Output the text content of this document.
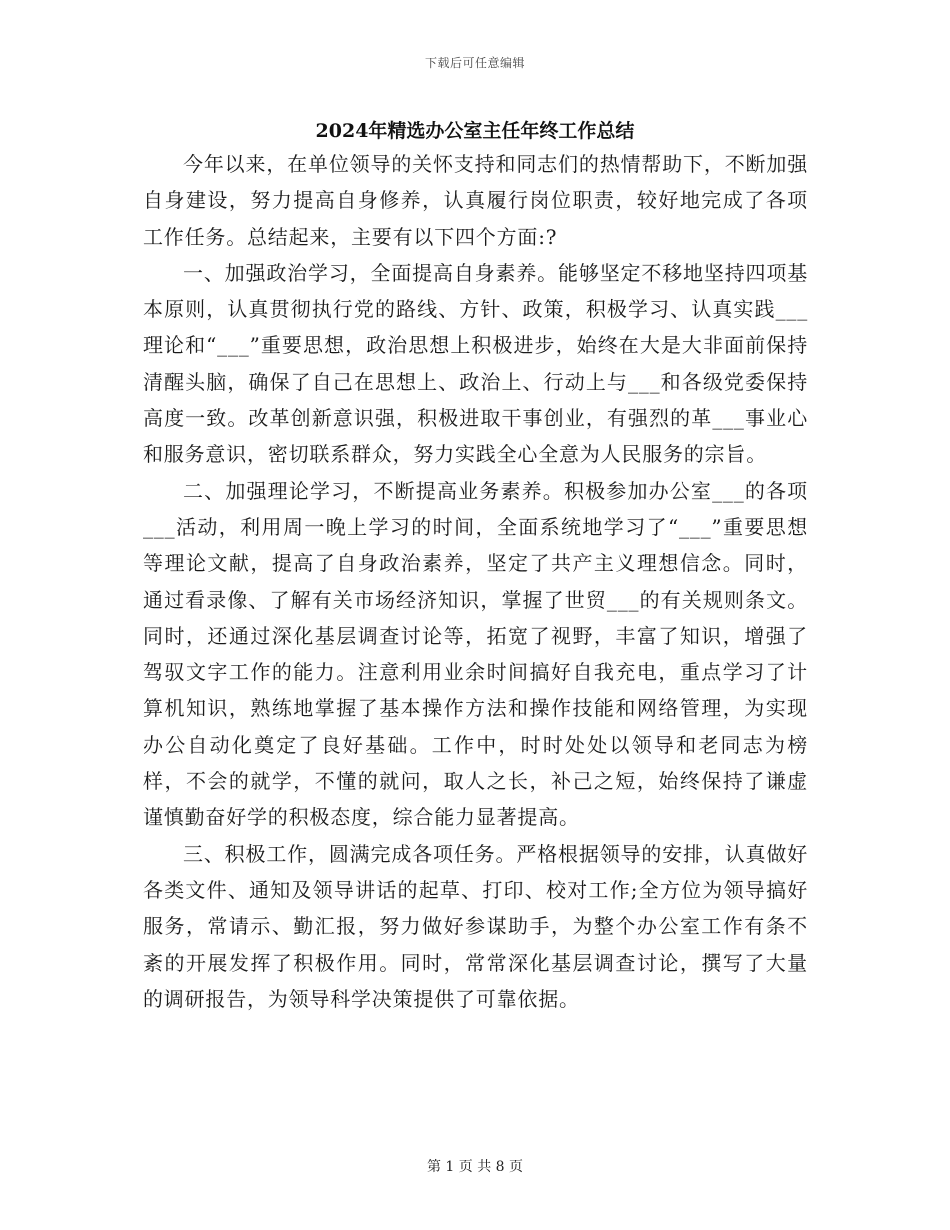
下载后可任意编辑
2024年精选办公室主任年终工作总结

今年以来，在单位领导的关怀支持和同志们的热情帮助下，不断加强自身建设，努力提高自身修养，认真履行岗位职责，较好地完成了各项工作任务。总结起来，主要有以下四个方面:?

一、加强政治学习，全面提高自身素养。能够坚定不移地坚持四项基本原则，认真贯彻执行党的路线、方针、政策，积极学习、认真实践___理论和“___”重要思想，政治思想上积极进步，始终在大是大非面前保持清醒头脑，确保了自己在思想上、政治上、行动上与___和各级党委保持高度一致。改革创新意识强，积极进取干事创业，有强烈的革___事业心和服务意识，密切联系群众，努力实践全心全意为人民服务的宗旨。

二、加强理论学习，不断提高业务素养。积极参加办公室___的各项___活动，利用周一晚上学习的时间，全面系统地学习了“___”重要思想等理论文献，提高了自身政治素养，坚定了共产主义理想信念。同时，通过看录像、了解有关市场经济知识，掌握了世贸___的有关规则条文。同时，还通过深化基层调查讨论等，拓宽了视野，丰富了知识，增强了驾驭文字工作的能力。注意利用业余时间搞好自我充电，重点学习了计算机知识，熟练地掌握了基本操作方法和操作技能和网络管理，为实现办公自动化奠定了良好基础。工作中，时时处处以领导和老同志为榜样，不会的就学，不懂的就问，取人之长，补己之短，始终保持了谦虚谨慎勤奋好学的积极态度，综合能力显著提高。

三、积极工作，圆满完成各项任务。严格根据领导的安排，认真做好各类文件、通知及领导讲话的起草、打印、校对工作;全方位为领导搞好服务，常请示、勤汇报，努力做好参谋助手，为整个办公室工作有条不紊的开展发挥了积极作用。同时，常常深化基层调查讨论，撰写了大量的调研报告，为领导科学决策提供了可靠依据。

第 1 页 共 8 页
